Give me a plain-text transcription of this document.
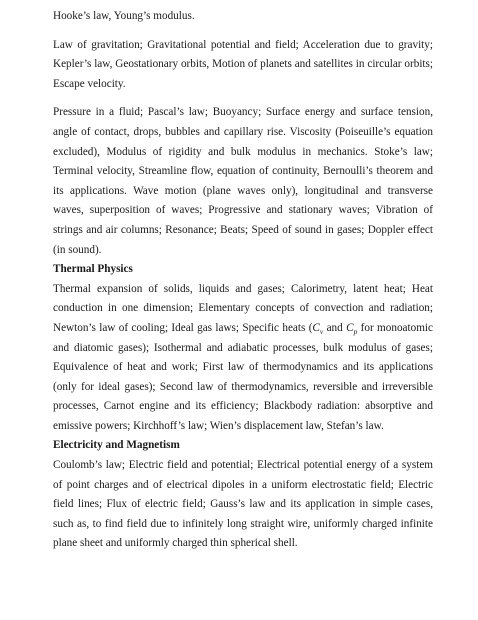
Hooke’s law, Young’s modulus.

Law of gravitation; Gravitational potential and field; Acceleration due to gravity; Kepler’s law, Geostationary orbits, Motion of planets and satellites in circular orbits; Escape velocity.

Pressure in a fluid; Pascal’s law; Buoyancy; Surface energy and surface tension, angle of contact, drops, bubbles and capillary rise. Viscosity (Poiseuille’s equation excluded), Modulus of rigidity and bulk modulus in mechanics. Stoke’s law; Terminal velocity, Streamline flow, equation of continuity, Bernoulli’s theorem and its applications. Wave motion (plane waves only), longitudinal and transverse waves, superposition of waves; Progressive and stationary waves; Vibration of strings and air columns; Resonance; Beats; Speed of sound in gases; Doppler effect (in sound).

Thermal Physics

Thermal expansion of solids, liquids and gases; Calorimetry, latent heat; Heat conduction in one dimension; Elementary concepts of convection and radiation; Newton’s law of cooling; Ideal gas laws; Specific heats ($C_v$ and $C_p$ for monoatomic and diatomic gases); Isothermal and adiabatic processes, bulk modulus of gases; Equivalence of heat and work; First law of thermodynamics and its applications (only for ideal gases); Second law of thermodynamics, reversible and irreversible processes, Carnot engine and its efficiency; Blackbody radiation: absorptive and emissive powers; Kirchhoff’s law; Wien’s displacement law, Stefan’s law.

Electricity and Magnetism

Coulomb’s law; Electric field and potential; Electrical potential energy of a system of point charges and of electrical dipoles in a uniform electrostatic field; Electric field lines; Flux of electric field; Gauss’s law and its application in simple cases, such as, to find field due to infinitely long straight wire, uniformly charged infinite plane sheet and uniformly charged thin spherical shell.
